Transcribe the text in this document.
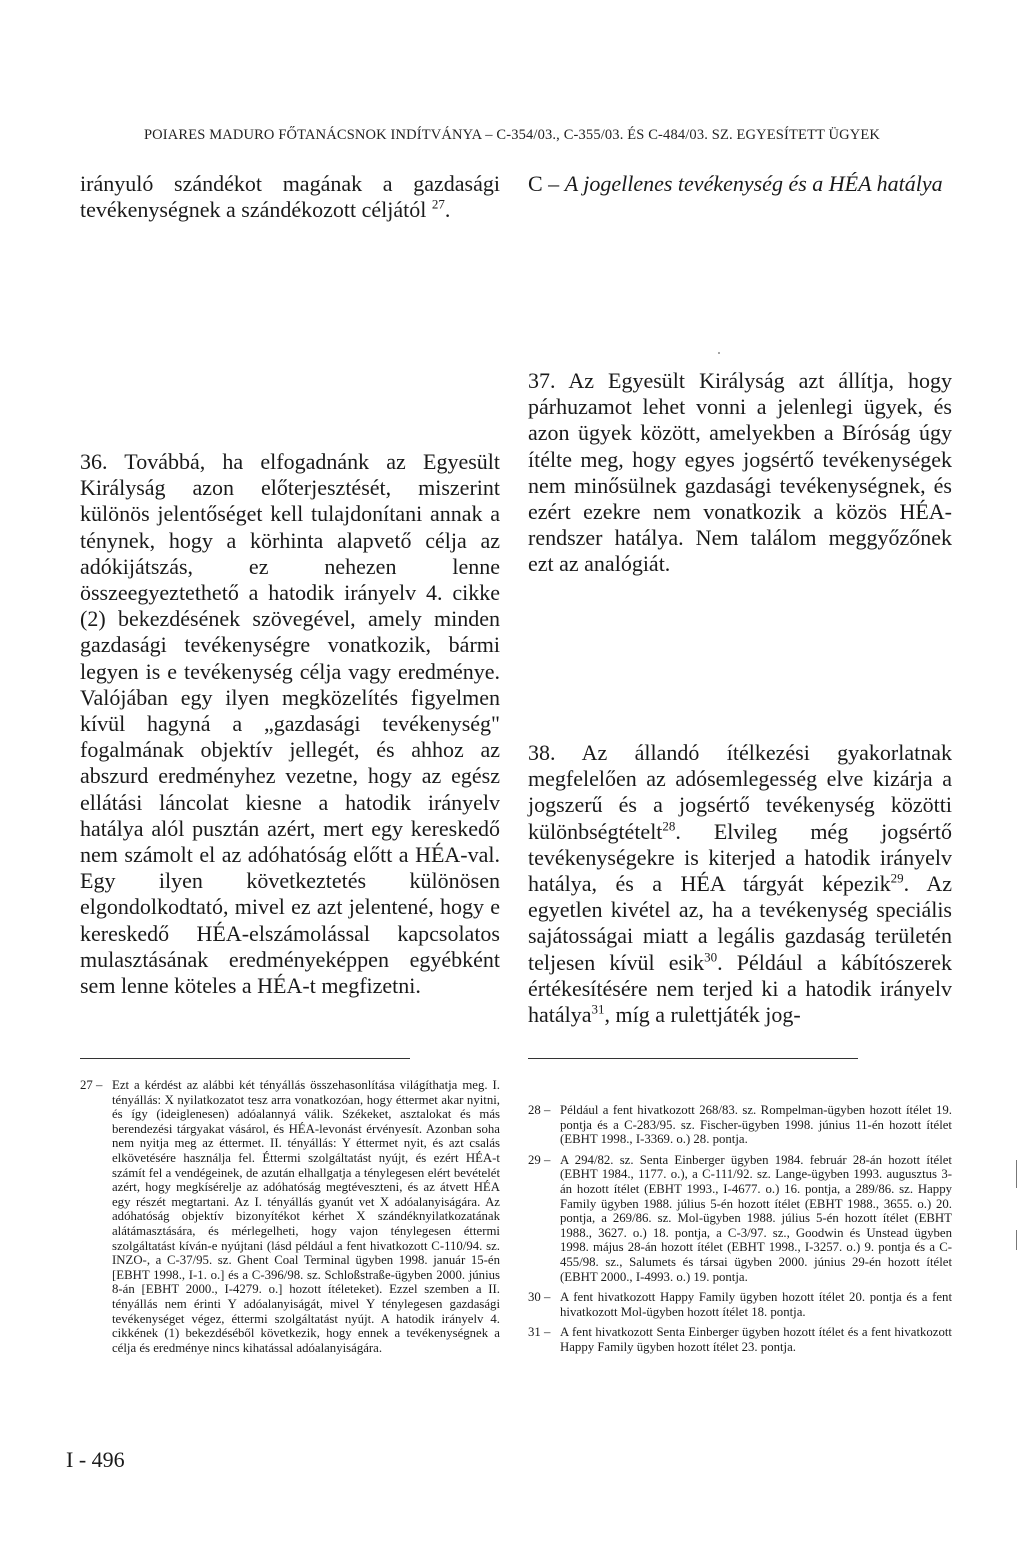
POIARES MADURO FŐTANÁCSNOK INDÍTVÁNYA – C-354/03., C-355/03. ÉS C-484/03. SZ. EGYESÍTETT ÜGYEK
irányuló szándékot magának a gazdasági tevékenységnek a szándékozott céljától $^{27}$.
C – A jogellenes tevékenység és a HÉA hatálya
36. Továbbá, ha elfogadnánk az Egyesült Királyság azon előterjesztését, miszerint különös jelentőséget kell tulajdonítani annak a ténynek, hogy a körhinta alapvető célja az adókijátszás, ez nehezen lenne összeegyeztethető a hatodik irányelv 4. cikke (2) bekezdésének szövegével, amely minden gazdasági tevékenységre vonatkozik, bármi legyen is e tevékenység célja vagy eredménye. Valójában egy ilyen megközelítés figyelmen kívül hagyná a „gazdasági tevékenység" fogalmának objektív jellegét, és ahhoz az abszurd eredményhez vezetne, hogy az egész ellátási láncolat kiesne a hatodik irányelv hatálya alól pusztán azért, mert egy kereskedő nem számolt el az adóhatóság előtt a HÉA-val. Egy ilyen következtetés különösen elgondolkodtató, mivel ez azt jelentené, hogy e kereskedő HÉA-elszámolással kapcsolatos mulasztásának eredményeképpen egyébként sem lenne köteles a HÉA-t megfizetni.
37. Az Egyesült Királyság azt állítja, hogy párhuzamot lehet vonni a jelenlegi ügyek, és azon ügyek között, amelyekben a Bíróság úgy ítélte meg, hogy egyes jogsértő tevékenységek nem minősülnek gazdasági tevékenységnek, és ezért ezekre nem vonatkozik a közös HÉA-rendszer hatálya. Nem találom meggyőzőnek ezt az analógiát.
38. Az állandó ítélkezési gyakorlatnak megfelelően az adósemlegesség elve kizárja a jogszerű és a jogsértő tevékenység közötti különbségtételt$^{28}$. Elvileg még jogsértő tevékenységekre is kiterjed a hatodik irányelv hatálya, és a HÉA tárgyát képezik$^{29}$. Az egyetlen kivétel az, ha a tevékenység speciális sajátosságai miatt a legális gazdaság területén teljesen kívül esik$^{30}$. Például a kábítószerek értékesítésére nem terjed ki a hatodik irányelv hatálya$^{31}$, míg a rulettjáték jog-
27 – Ezt a kérdést az alábbi két tényállás összehasonlítása világíthatja meg. I. tényállás: X nyilatkozatot tesz arra vonatkozóan, hogy éttermet akar nyitni, és így (ideiglenesen) adóalannyá válik. Székeket, asztalokat és más berendezési tárgyakat vásárol, és HÉA-levonást érvényesít. Azonban soha nem nyitja meg az éttermet. II. tényállás: Y éttermet nyit, és azt csalás elkövetésére használja fel. Éttermi szolgáltatást nyújt, és ezért HÉA-t számít fel a vendégeinek, de azután elhallgatja a ténylegesen elért bevételét azért, hogy megkísérelje az adóhatóság megtéveszteni, és az átvett HÉA egy részét megtartani. Az I. tényállás gyanút vet X adóalanyiságára. Az adóhatóság objektív bizonyítékot kérhet X szándéknyilatkozatának alátámasztására, és mérlegelheti, hogy vajon ténylegesen éttermi szolgáltatást kíván-e nyújtani (lásd például a fent hivatkozott C-110/94. sz. INZO-, a C-37/95. sz. Ghent Coal Terminal ügyben 1998. január 15-én [EBHT 1998., I-1. o.] és a C-396/98. sz. Schloßstraße-ügyben 2000. június 8-án [EBHT 2000., I-4279. o.] hozott ítéleteket). Ezzel szemben a II. tényállás nem érinti Y adóalanyiságát, mivel Y ténylegesen gazdasági tevékenységet végez, éttermi szolgáltatást nyújt. A hatodik irányelv 4. cikkének (1) bekezdéséből következik, hogy ennek a tevékenységnek a célja és eredménye nincs kihatással adóalanyiságára.
28 – Például a fent hivatkozott 268/83. sz. Rompelman-ügyben hozott ítélet 19. pontja és a C-283/95. sz. Fischer-ügyben 1998. június 11-én hozott ítélet (EBHT 1998., I-3369. o.) 28. pontja.
29 – A 294/82. sz. Senta Einberger ügyben 1984. február 28-án hozott ítélet (EBHT 1984., 1177. o.), a C-111/92. sz. Lange-ügyben 1993. augusztus 3-án hozott ítélet (EBHT 1993., I-4677. o.) 16. pontja, a 289/86. sz. Happy Family ügyben 1988. július 5-én hozott ítélet (EBHT 1988., 3655. o.) 20. pontja, a 269/86. sz. Mol-ügyben 1988. július 5-én hozott ítélet (EBHT 1988., 3627. o.) 18. pontja, a C-3/97. sz., Goodwin és Unstead ügyben 1998. május 28-án hozott ítélet (EBHT 1998., I-3257. o.) 9. pontja és a C-455/98. sz., Salumets és társai ügyben 2000. június 29-én hozott ítélet (EBHT 2000., I-4993. o.) 19. pontja.
30 – A fent hivatkozott Happy Family ügyben hozott ítélet 20. pontja és a fent hivatkozott Mol-ügyben hozott ítélet 18. pontja.
31 – A fent hivatkozott Senta Einberger ügyben hozott ítélet és a fent hivatkozott Happy Family ügyben hozott ítélet 23. pontja.
I - 496
